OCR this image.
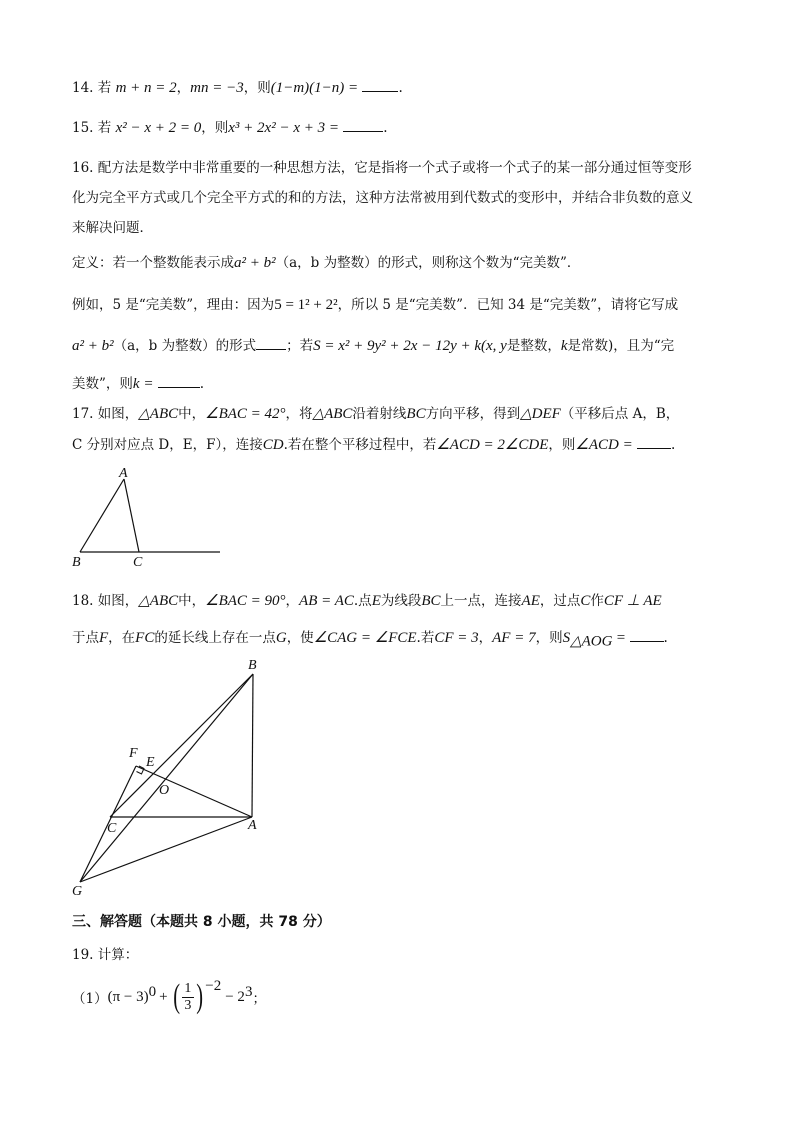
14. 若 m + n = 2，mn = −3，则(1−m)(1−n) =	.
15. 若 x² − x + 2 = 0，则x³ + 2x² − x + 3 =	.
16. 配方法是数学中非常重要的一种思想方法，它是指将一个式子或将一个式子的某一部分通过恒等变形
化为完全平方式或几个完全平方式的和的方法，这种方法常被用到代数式的变形中，并结合非负数的意义
来解决问题．
定义：若一个整数能表示成a² + b²（a，b 为整数）的形式，则称这个数为“完美数”．
例如，5 是“完美数”，理由：因为5 = 1² + 2²，所以 5 是“完美数”．已知 34 是“完美数”，请将它写成
a² + b²（a，b 为整数）的形式 ；若S = x² + 9y² + 2x − 12y + k(x, y是整数，k是常数)，且为“完
美数”，则k =	.
17. 如图，△ABC中，∠BAC = 42°，将△ABC沿着射线BC方向平移，得到△DEF（平移后点 A，B，
C 分别对应点 D，E，F），连接CD.若在整个平移过程中，若∠ACD = 2∠CDE，则∠ACD =	.
A
B	C
18. 如图，△ABC中，∠BAC = 90°，AB = AC.点E为线段BC上一点，连接AE，过点C作CF ⊥ AE
于点F，在FC的延长线上存在一点G，使∠CAG = ∠FCE.若CF = 3，AF = 7，则$S_{\triangle AOG}$ =	.
B
F
E
O
C	A
G
三、解答题（本题共 8 小题，共 78 分）
19. 计算：
（1） (π − 3) 0 + ( 1
3 ) −2
− 2 3 ；
